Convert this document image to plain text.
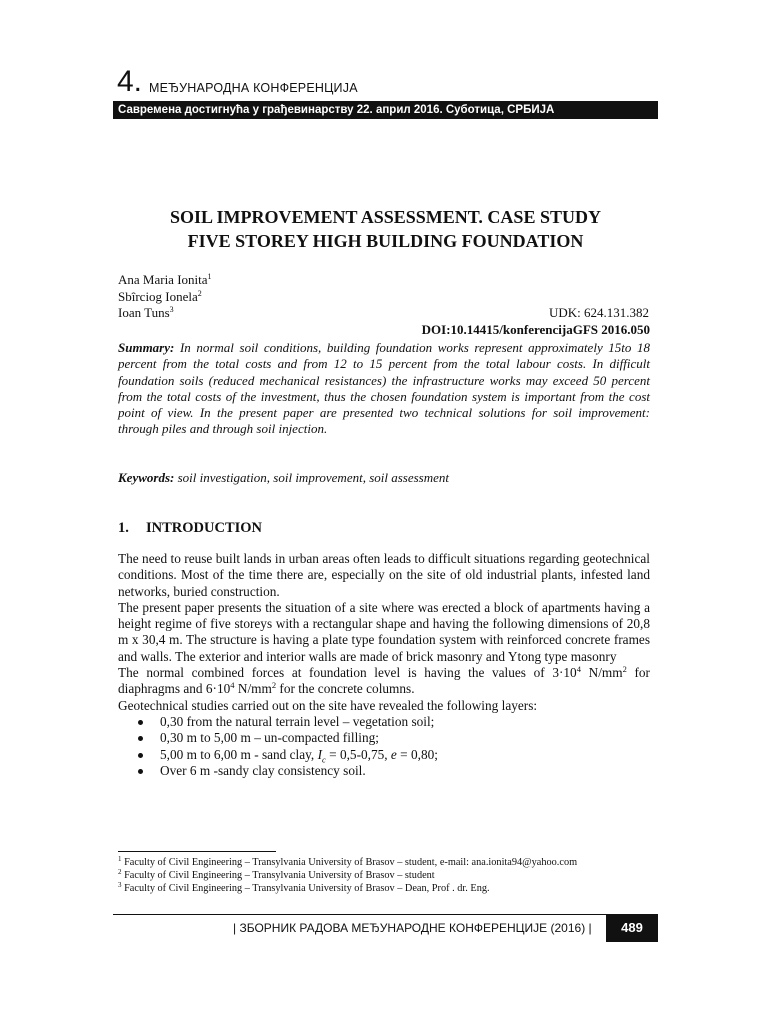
4. МЕЂУНАРОДНА КОНФЕРЕНЦИЈА
Савремена достигнућа у грађевинарству 22. април 2016. Суботица, СРБИЈА
SOIL IMPROVEMENT ASSESSMENT. CASE STUDY
FIVE STOREY HIGH BUILDING FOUNDATION
Ana Maria Ionita$^1$
Sbîrciog Ionela$^2$
Ioan Tuns$^3$	UDK: 624.131.382
DOI:10.14415/konferencijaGFS 2016.050

Summary: In normal soil conditions, building foundation works represent approximately 15to 18 percent from the total costs and from 12 to 15 percent from the total labour costs. In difficult foundation soils (reduced mechanical resistances) the infrastructure works may exceed 50 percent from the total costs of the investment, thus the chosen foundation system is important from the cost point of view. In the present paper are presented two technical solutions for soil improvement: through piles and through soil injection.

Keywords: soil investigation, soil improvement, soil assessment

1. INTRODUCTION

The need to reuse built lands in urban areas often leads to difficult situations regarding geotechnical conditions. Most of the time there are, especially on the site of old industrial plants, infested land networks, buried construction.

The present paper presents the situation of a site where was erected a block of apartments having a height regime of five storeys with a rectangular shape and having the following dimensions of 20,8 m x 30,4 m. The structure is having a plate type foundation system with reinforced concrete frames and walls. The exterior and interior walls are made of brick masonry and Ytong type masonry

The normal combined forces at foundation level is having the values of $3\cdot 10^4$ $N/mm^2$ for diaphragms and $6\cdot 10^4$ $N/mm^2$ for the concrete columns.

Geotechnical studies carried out on the site have revealed the following layers:

0,30 from the natural terrain level – vegetation soil;
0,30 m to 5,00 m – un-compacted filling;
5,00 m to 6,00 m - sand clay, $I_c = 0,5-0,75$, e = 0,80;
Over 6 m -sandy clay consistency soil.
$^1$ Faculty of Civil Engineering – Transylvania University of Brasov – student, e-mail: ana.ionita94@yahoo.com
$^2$ Faculty of Civil Engineering – Transylvania University of Brasov – student
$^3$ Faculty of Civil Engineering – Transylvania University of Brasov – Dean, Prof . dr. Eng.
| ЗБОРНИК РАДОВА МЕЂУНАРОДНЕ КОНФЕРЕНЦИЈЕ (2016) |	489
